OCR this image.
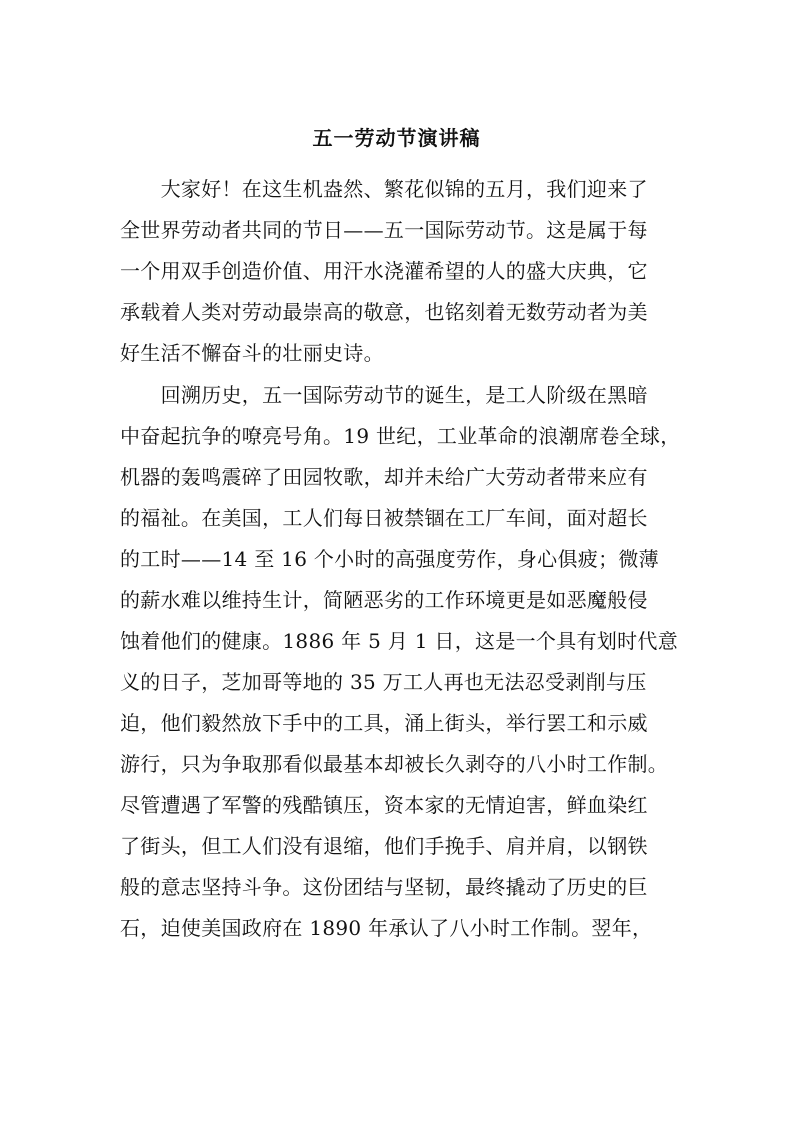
五一劳动节演讲稿
　　大家好！在这生机盎然、繁花似锦的五月，我们迎来了
全世界劳动者共同的节日——五一国际劳动节。这是属于每
一个用双手创造价值、用汗水浇灌希望的人的盛大庆典，它
承载着人类对劳动最崇高的敬意，也铭刻着无数劳动者为美
好生活不懈奋斗的壮丽史诗。
　　回溯历史，五一国际劳动节的诞生，是工人阶级在黑暗
中奋起抗争的嘹亮号角。19 世纪，工业革命的浪潮席卷全球，
机器的轰鸣震碎了田园牧歌，却并未给广大劳动者带来应有
的福祉。在美国，工人们每日被禁锢在工厂车间，面对超长
的工时——14 至 16 个小时的高强度劳作，身心俱疲；微薄
的薪水难以维持生计，简陋恶劣的工作环境更是如恶魔般侵
蚀着他们的健康。1886 年 5 月 1 日，这是一个具有划时代意
义的日子，芝加哥等地的 35 万工人再也无法忍受剥削与压
迫，他们毅然放下手中的工具，涌上街头，举行罢工和示威
游行，只为争取那看似最基本却被长久剥夺的八小时工作制。
尽管遭遇了军警的残酷镇压，资本家的无情迫害，鲜血染红
了街头，但工人们没有退缩，他们手挽手、肩并肩，以钢铁
般的意志坚持斗争。这份团结与坚韧，最终撬动了历史的巨
石，迫使美国政府在 1890 年承认了八小时工作制。翌年，
